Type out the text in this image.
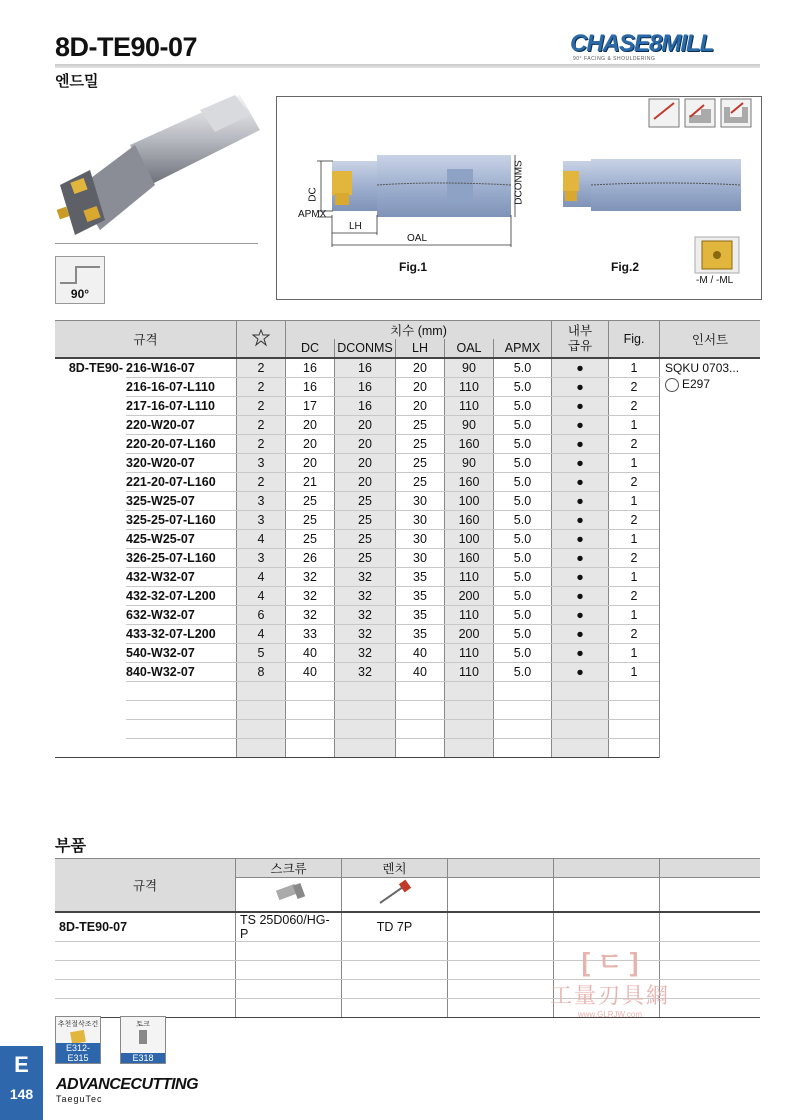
8D-TE90-07
엔드밀
CHASE8MILL
90° FACING & SHOULDERING
90°
DC
APMX
LH
OAL
DCONMS
Fig.1	Fig.2
-M / -ML
규격			치수 (mm)					내부
급유	Fig.	인서트
			DC	DCONMS	LH	OAL	APMX			
8D-TE90-	216-W16-07	2	16	16	20	90	5.0	●	1	SQKU 0703...
E297

	216-16-07-L110	2	16	16	20	110	5.0	●	2	
	217-16-07-L110	2	17	16	20	110	5.0	●	2	
	220-W20-07	2	20	20	25	90	5.0	●	1	
	220-20-07-L160	2	20	20	25	160	5.0	●	2	
	320-W20-07	3	20	20	25	90	5.0	●	1	
	221-20-07-L160	2	21	20	25	160	5.0	●	2	
	325-W25-07	3	25	25	30	100	5.0	●	1	
	325-25-07-L160	3	25	25	30	160	5.0	●	2	
	425-W25-07	4	25	25	30	100	5.0	●	1	
	326-25-07-L160	3	26	25	30	160	5.0	●	2	
	432-W32-07	4	32	32	35	110	5.0	●	1	
	432-32-07-L200	4	32	32	35	200	5.0	●	2	
	632-W32-07	6	32	32	35	110	5.0	●	1	
	433-32-07-L200	4	33	32	35	200	5.0	●	2	
	540-W32-07	5	40	32	40	110	5.0	●	1	
	840-W32-07	8	40	32	40	110	5.0	●	1	

부품
규격	스크류	렌치			

8D-TE90-07	TS 25D060/HG-P	TD 7P			

[ ㄷ ]
工量刃具網
www.GLRJW.com
추천절삭조건
E312-E315
토크
E318
E
148
ADVANCECUTTING
TaeguTec
